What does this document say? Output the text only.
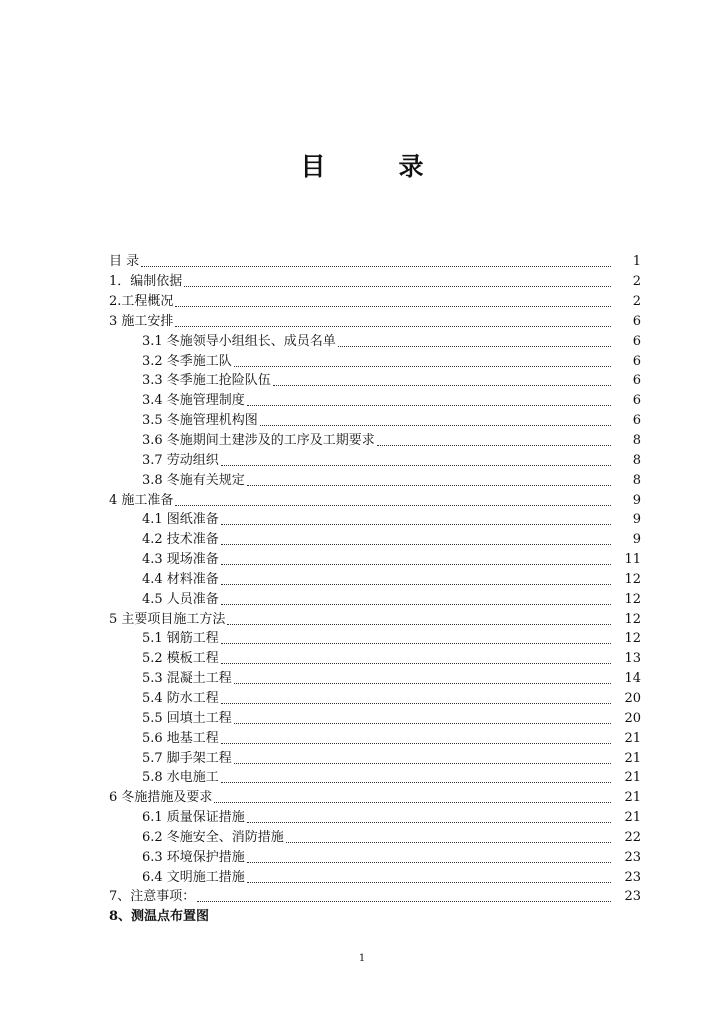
目　录
目 录	1
1．编制依据	2
2.工程概况	2
3 施工安排	6
3.1 冬施领导小组组长、成员名单	6
3.2 冬季施工队	6
3.3 冬季施工抢险队伍	6
3.4 冬施管理制度	6
3.5 冬施管理机构图	6
3.6 冬施期间土建涉及的工序及工期要求	8
3.7 劳动组织	8
3.8 冬施有关规定	8
4 施工准备	9
4.1 图纸准备	9
4.2 技术准备	9
4.3 现场准备	11
4.4 材料准备	12
4.5 人员准备	12
5 主要项目施工方法	12
5.1 钢筋工程	12
5.2 模板工程	13
5.3 混凝土工程	14
5.4 防水工程	20
5.5 回填土工程	20
5.6 地基工程	21
5.7 脚手架工程	21
5.8 水电施工	21
6 冬施措施及要求	21
6.1 质量保证措施	21
6.2 冬施安全、消防措施	22
6.3 环境保护措施	23
6.4 文明施工措施	23
7、注意事项：	23
8、测温点布置图
1
